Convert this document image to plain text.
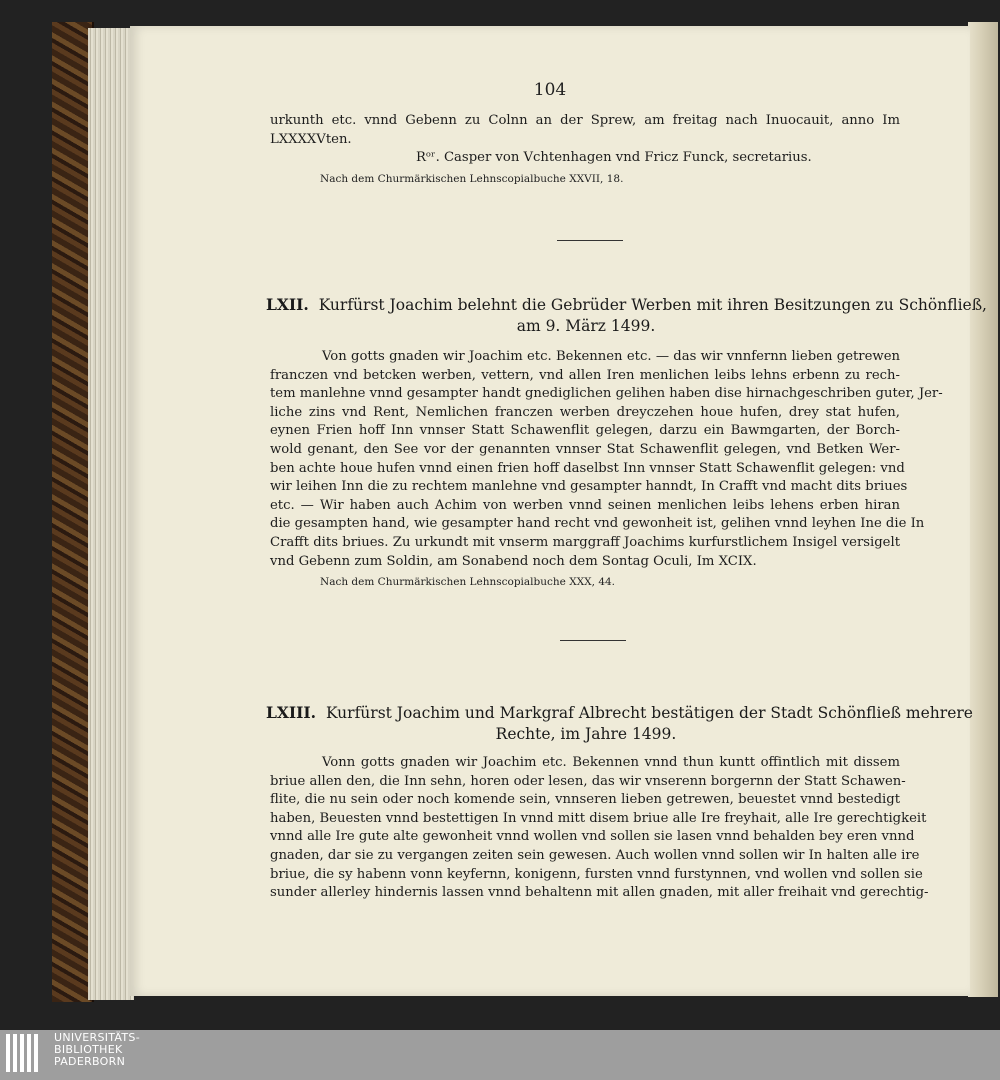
104

urkunth etc. vnnd Gebenn zu Colnn an der Sprew, am freitag nach Inuocauit, anno Im

LXXXXVten.

Rᵒʳ. Casper von Vchtenhagen vnd Fricz Funck, secretarius.

Nach dem Churmärkischen Lehnscopialbuche XXVII, 18.

LXII. Kurfürst Joachim belehnt die Gebrüder Werben mit ihren Besitzungen zu Schönfließ,
am 9. März 1499.

Von gotts gnaden wir Joachim etc. Bekennen etc. — das wir vnnfernn lieben getrewen

franczen vnd betcken werben, vettern, vnd allen Iren menlichen leibs lehns erbenn zu rech-

tem manlehne vnnd gesampter handt gnediglichen gelihen haben dise hirnachgeschriben guter, Jer-

liche zins vnd Rent, Nemlichen franczen werben dreyczehen houe hufen, drey stat hufen,

eynen Frien hoff Inn vnnser Statt Schawenflit gelegen, darzu ein Bawmgarten, der Borch-

wold genant, den See vor der genannten vnnser Stat Schawenflit gelegen, vnd Betken Wer-

ben achte houe hufen vnnd einen frien hoff daselbst Inn vnnser Statt Schawenflit gelegen: vnd

wir leihen Inn die zu rechtem manlehne vnd gesampter hanndt, In Crafft vnd macht dits briues

etc. — Wir haben auch Achim von werben vnnd seinen menlichen leibs lehens erben hiran

die gesampten hand, wie gesampter hand recht vnd gewonheit ist, gelihen vnnd leyhen Ine die In

Crafft dits briues. Zu urkundt mit vnserm marggraff Joachims kurfurstlichem Insigel versigelt

vnd Gebenn zum Soldin, am Sonabend noch dem Sontag Oculi, Im XCIX.

Nach dem Churmärkischen Lehnscopialbuche XXX, 44.

LXIII. Kurfürst Joachim und Markgraf Albrecht bestätigen der Stadt Schönfließ mehrere
Rechte, im Jahre 1499.

Vonn gotts gnaden wir Joachim etc. Bekennen vnnd thun kuntt offintlich mit dissem

briue allen den, die Inn sehn, horen oder lesen, das wir vnserenn borgernn der Statt Schawen-

flite, die nu sein oder noch komende sein, vnnseren lieben getrewen, beuestet vnnd bestedigt

haben, Beuesten vnnd bestettigen In vnnd mitt disem briue alle Ire freyhait, alle Ire gerechtigkeit

vnnd alle Ire gute alte gewonheit vnnd wollen vnd sollen sie lasen vnnd behalden bey eren vnnd

gnaden, dar sie zu vergangen zeiten sein gewesen. Auch wollen vnnd sollen wir In halten alle ire

briue, die sy habenn vonn keyfernn, konigenn, fursten vnnd furstynnen, vnd wollen vnd sollen sie

sunder allerley hindernis lassen vnnd behaltenn mit allen gnaden, mit aller freihait vnd gerechtig-

UNIVERSITÄTS-
BIBLIOTHEK
PADERBORN
